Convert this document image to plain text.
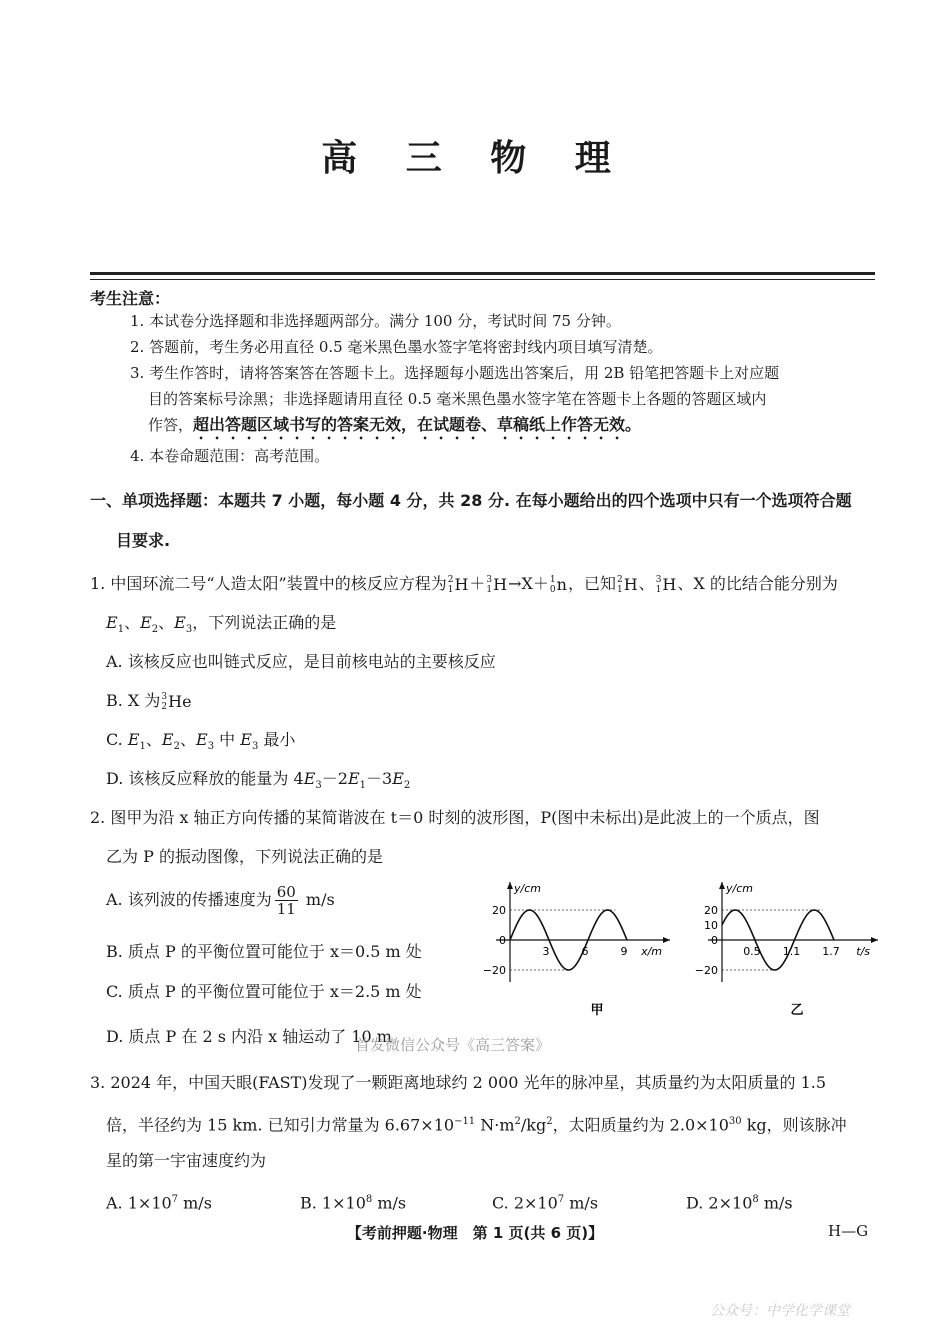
高 三 物 理
考生注意：
1. 本试卷分选择题和非选择题两部分。满分 100 分，考试时间 75 分钟。
2. 答题前，考生务必用直径 0.5 毫米黑色墨水签字笔将密封线内项目填写清楚。
3. 考生作答时，请将答案答在答题卡上。选择题每小题选出答案后，用 2B 铅笔把答题卡上对应题
目的答案标号涂黑；非选择题请用直径 0.5 毫米黑色墨水签字笔在答题卡上各题的答题区域内
作答，超出答题区域书写的答案无效，在试题卷、草稿纸上作答无效。
4. 本卷命题范围：高考范围。
一、单项选择题：本题共 7 小题，每小题 4 分，共 28 分. 在每小题给出的四个选项中只有一个选项符合题
目要求.
1. 中国环流二号“人造太阳”装置中的核反应方程为 2
1 H＋ 3
1 H→X＋ 1
0 n，已知 2
1 H、 3
1 H、X 的比结合能分别为
$E_1$、$E_2$、$E_3$，下列说法正确的是
A. 该核反应也叫链式反应，是目前核电站的主要核反应
B. X 为 3
2 He
C. $E_1$、$E_2$、$E_3$ 中 $E_3$ 最小
D. 该核反应释放的能量为 $4E_3-2E_1-3E_2$
2. 图甲为沿 x 轴正方向传播的某简谐波在 t＝0 时刻的波形图，P(图中未标出)是此波上的一个质点，图
乙为 P 的振动图像，下列说法正确的是
A. 该列波的传播速度为 $\frac{60}{11} m/s$
B. 质点 P 的平衡位置可能位于 x＝0.5 m 处
C. 质点 P 的平衡位置可能位于 x＝2.5 m 处
D. 质点 P 在 2 s 内沿 x 轴运动了 10 m
3	6	9
20
0
−20
y/cm
x/m
甲
0.5 1.1 1.7
20
10
0
−20
y/cm
t/s
乙
首发微信公众号《高三答案》
3. 2024 年，中国天眼(FAST)发现了一颗距离地球约 2 000 光年的脉冲星，其质量约为太阳质量的 1.5
倍，半径约为 15 km. 已知引力常量为 $6.67\times 10^{-11}$ $N\cdot m^2/kg^2$，太阳质量约为 $2.0\times 10^{30}$ kg，则该脉冲
星的第一宇宙速度约为
A. $1\times 10^7$ m/s	B. $1\times 10^8$ m/s	C. $2\times 10^7$ m/s	D. $2\times 10^8$ m/s
【考前押题·物理　第 1 页(共 6 页)】	H—G
公众号：中学化学课堂
